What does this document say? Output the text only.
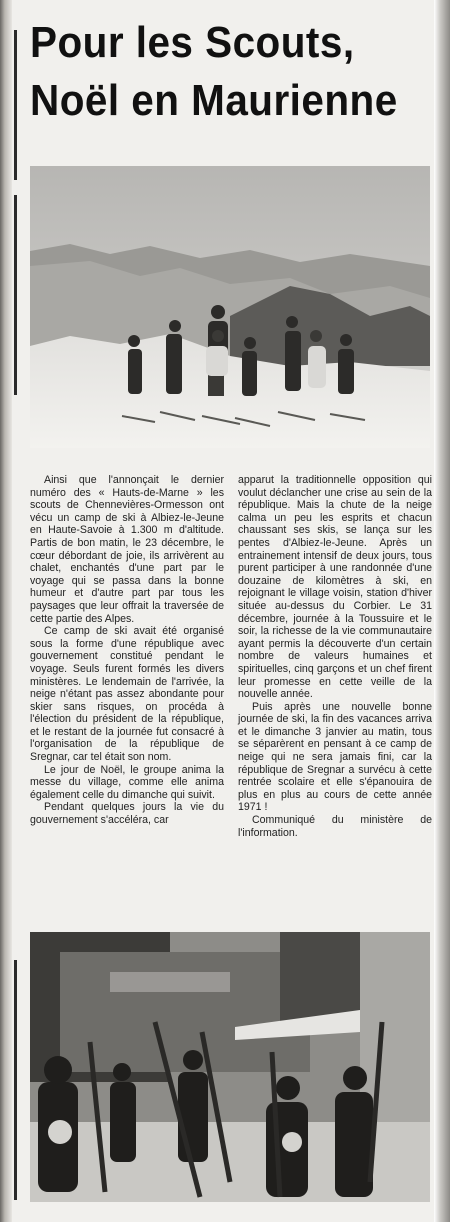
Pour les Scouts,
Noël en Maurienne

Ainsi que l'annonçait le dernier numéro des « Hauts-de-Marne » les scouts de Chennevières-Ormesson ont vécu un camp de ski à Albiez-le-Jeune en Haute-Savoie à 1.300 m d'altitude. Partis de bon matin, le 23 décembre, le cœur débordant de joie, ils arrivèrent au chalet, enchantés d'une part par le voyage qui se passa dans la bonne humeur et d'autre part par tous les paysages que leur offrait la traversée de cette partie des Alpes.

Ce camp de ski avait été organisé sous la forme d'une république avec gouvernement constitué pendant le voyage. Seuls furent formés les divers ministères. Le lendemain de l'arrivée, la neige n'étant pas assez abondante pour skier sans risques, on procéda à l'élection du président de la république, et le restant de la journée fut consacré à l'organisation de la république de Sregnar, car tel était son nom.

Le jour de Noël, le groupe anima la messe du village, comme elle anima également celle du dimanche qui suivit.

Pendant quelques jours la vie du gouvernement s'accéléra, car

apparut la traditionnelle opposition qui voulut déclancher une crise au sein de la république. Mais la chute de la neige calma un peu les esprits et chacun chaussant ses skis, se lança sur les pentes d'Albiez-le-Jeune. Après un entrainement intensif de deux jours, tous purent participer à une randonnée d'une douzaine de kilomètres à ski, en rejoignant le village voisin, station d'hiver située au-dessus du Corbier. Le 31 décembre, journée à la Toussuire et le soir, la richesse de la vie communautaire ayant permis la découverte d'un certain nombre de valeurs humaines et spirituelles, cinq garçons et un chef firent leur promesse en cette veille de la nouvelle année.

Puis après une nouvelle bonne journée de ski, la fin des vacances arriva et le dimanche 3 janvier au matin, tous se séparèrent en pensant à ce camp de neige qui ne sera jamais fini, car la république de Sregnar a survécu à cette rentrée scolaire et elle s'épanouira de plus en plus au cours de cette année 1971 !

Communiqué du ministère de l'information.
